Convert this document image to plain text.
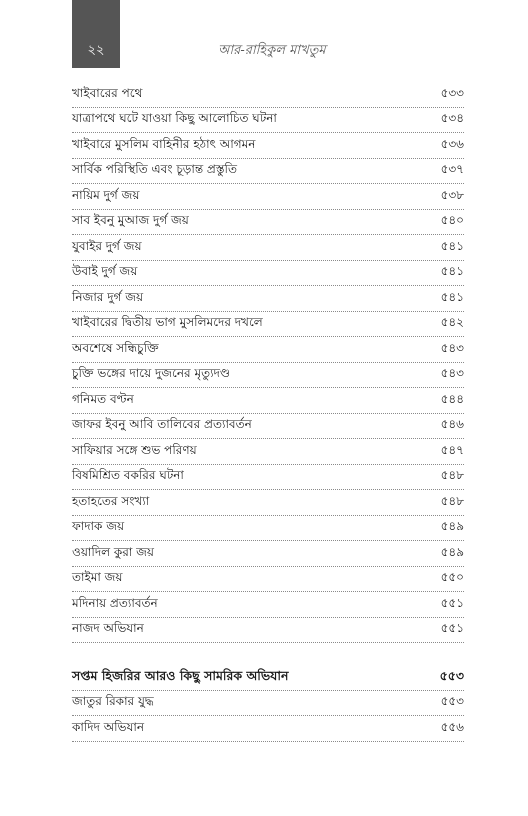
২২	আর-রাহিকুল মাখতুম
খাইবারের পথে	৫৩৩
যাত্রাপথে ঘটে যাওয়া কিছু আলোচিত ঘটনা	৫৩৪
খাইবারে মুসলিম বাহিনীর হঠাৎ আগমন	৫৩৬
সার্বিক পরিস্থিতি এবং চূড়ান্ত প্রস্তুতি	৫৩৭
নায়িম দুর্গ জয়	৫৩৮
সাব ইবনু মুআজ দুর্গ জয়	৫৪০
যুবাইর দুর্গ জয়	৫৪১
উবাই দুর্গ জয়	৫৪১
নিজার দুর্গ জয়	৫৪১
খাইবারের দ্বিতীয় ভাগ মুসলিমদের দখলে	৫৪২
অবশেষে সন্ধিচুক্তি	৫৪৩
চুক্তি ভঙ্গের দায়ে দুজনের মৃত্যুদণ্ড	৫৪৩
গনিমত বণ্টন	৫৪৪
জাফর ইবনু আবি তালিবের প্রত্যাবর্তন	৫৪৬
সাফিয়ার সঙ্গে শুভ পরিণয়	৫৪৭
বিষমিশ্রিত বকরির ঘটনা	৫৪৮
হতাহতের সংখ্যা	৫৪৮
ফাদাক জয়	৫৪৯
ওয়াদিল কুরা জয়	৫৪৯
তাইমা জয়	৫৫০
মদিনায় প্রত্যাবর্তন	৫৫১
নাজদ অভিযান	৫৫১
সপ্তম হিজরির আরও কিছু সামরিক অভিযান	৫৫৩
জাতুর রিকার যুদ্ধ	৫৫৩
কাদিদ অভিযান	৫৫৬
